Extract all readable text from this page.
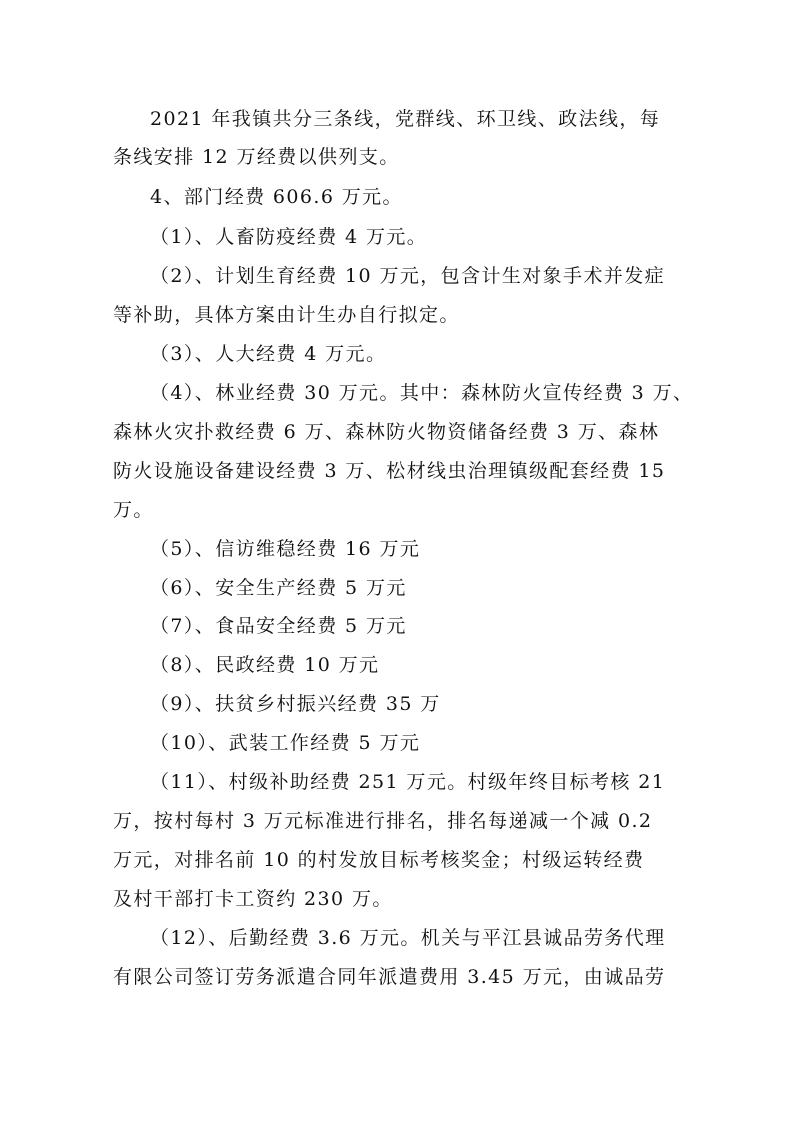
2021 年我镇共分三条线，党群线、环卫线、政法线，每
条线安排 12 万经费以供列支。
4、部门经费 606.6 万元。
（1）、人畜防疫经费 4 万元。
（2）、计划生育经费 10 万元，包含计生对象手术并发症
等补助，具体方案由计生办自行拟定。
（3）、人大经费 4 万元。
（4）、林业经费 30 万元。其中：森林防火宣传经费 3 万、
森林火灾扑救经费 6 万、森林防火物资储备经费 3 万、森林
防火设施设备建设经费 3 万、松材线虫治理镇级配套经费 15
万。
（5）、信访维稳经费 16 万元
（6）、安全生产经费 5 万元
（7）、食品安全经费 5 万元
（8）、民政经费 10 万元
（9）、扶贫乡村振兴经费 35 万
（10）、武装工作经费 5 万元
（11）、村级补助经费 251 万元。村级年终目标考核 21
万，按村每村 3 万元标准进行排名，排名每递减一个减 0.2
万元，对排名前 10 的村发放目标考核奖金；村级运转经费
及村干部打卡工资约 230 万。
（12）、后勤经费 3.6 万元。机关与平江县诚品劳务代理
有限公司签订劳务派遣合同年派遣费用 3.45 万元，由诚品劳
